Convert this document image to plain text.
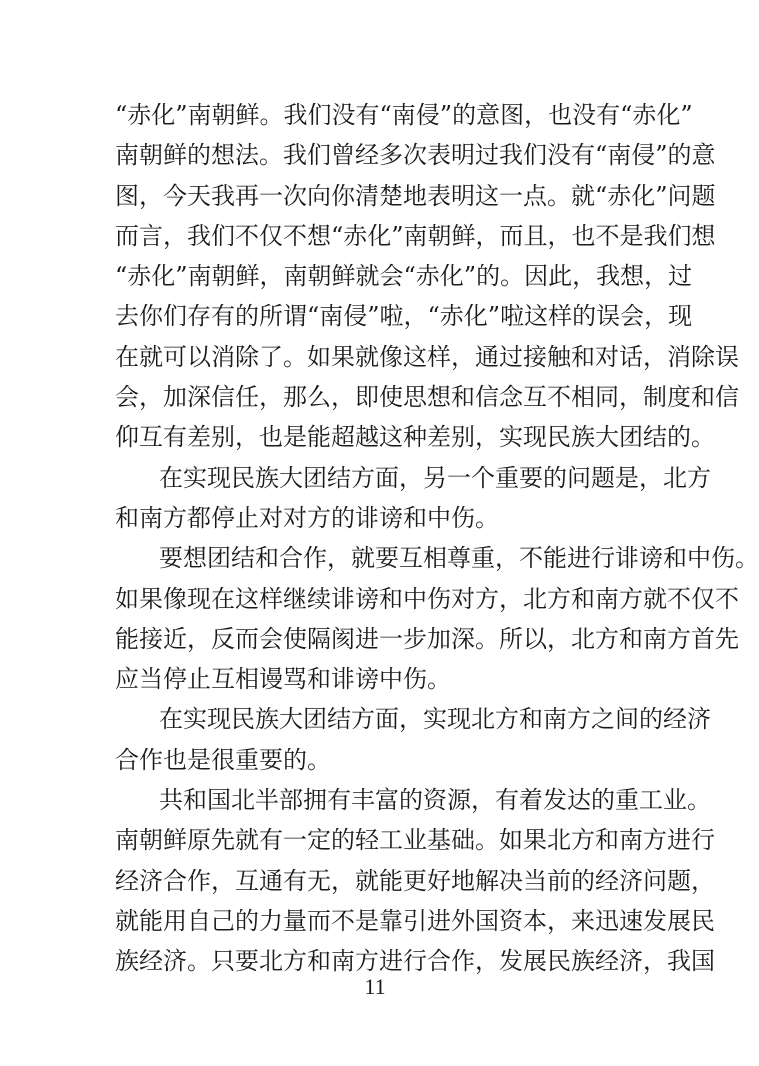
“赤化”南朝鲜。我们没有“南侵”的意图，也没有“赤化”
南朝鲜的想法。我们曾经多次表明过我们没有“南侵”的意
图，今天我再一次向你清楚地表明这一点。就“赤化”问题
而言，我们不仅不想“赤化”南朝鲜，而且，也不是我们想
“赤化”南朝鲜，南朝鲜就会“赤化”的。因此，我想，过
去你们存有的所谓“南侵”啦，“赤化”啦这样的误会，现
在就可以消除了。如果就像这样，通过接触和对话，消除误
会，加深信任，那么，即使思想和信念互不相同，制度和信
仰互有差别，也是能超越这种差别，实现民族大团结的。
在实现民族大团结方面，另一个重要的问题是，北方
和南方都停止对对方的诽谤和中伤。
要想团结和合作，就要互相尊重，不能进行诽谤和中伤。
如果像现在这样继续诽谤和中伤对方，北方和南方就不仅不
能接近，反而会使隔阂进一步加深。所以，北方和南方首先
应当停止互相谩骂和诽谤中伤。
在实现民族大团结方面，实现北方和南方之间的经济
合作也是很重要的。
共和国北半部拥有丰富的资源，有着发达的重工业。
南朝鲜原先就有一定的轻工业基础。如果北方和南方进行
经济合作，互通有无，就能更好地解决当前的经济问题，
就能用自己的力量而不是靠引进外国资本，来迅速发展民
族经济。只要北方和南方进行合作，发展民族经济，我国
11
